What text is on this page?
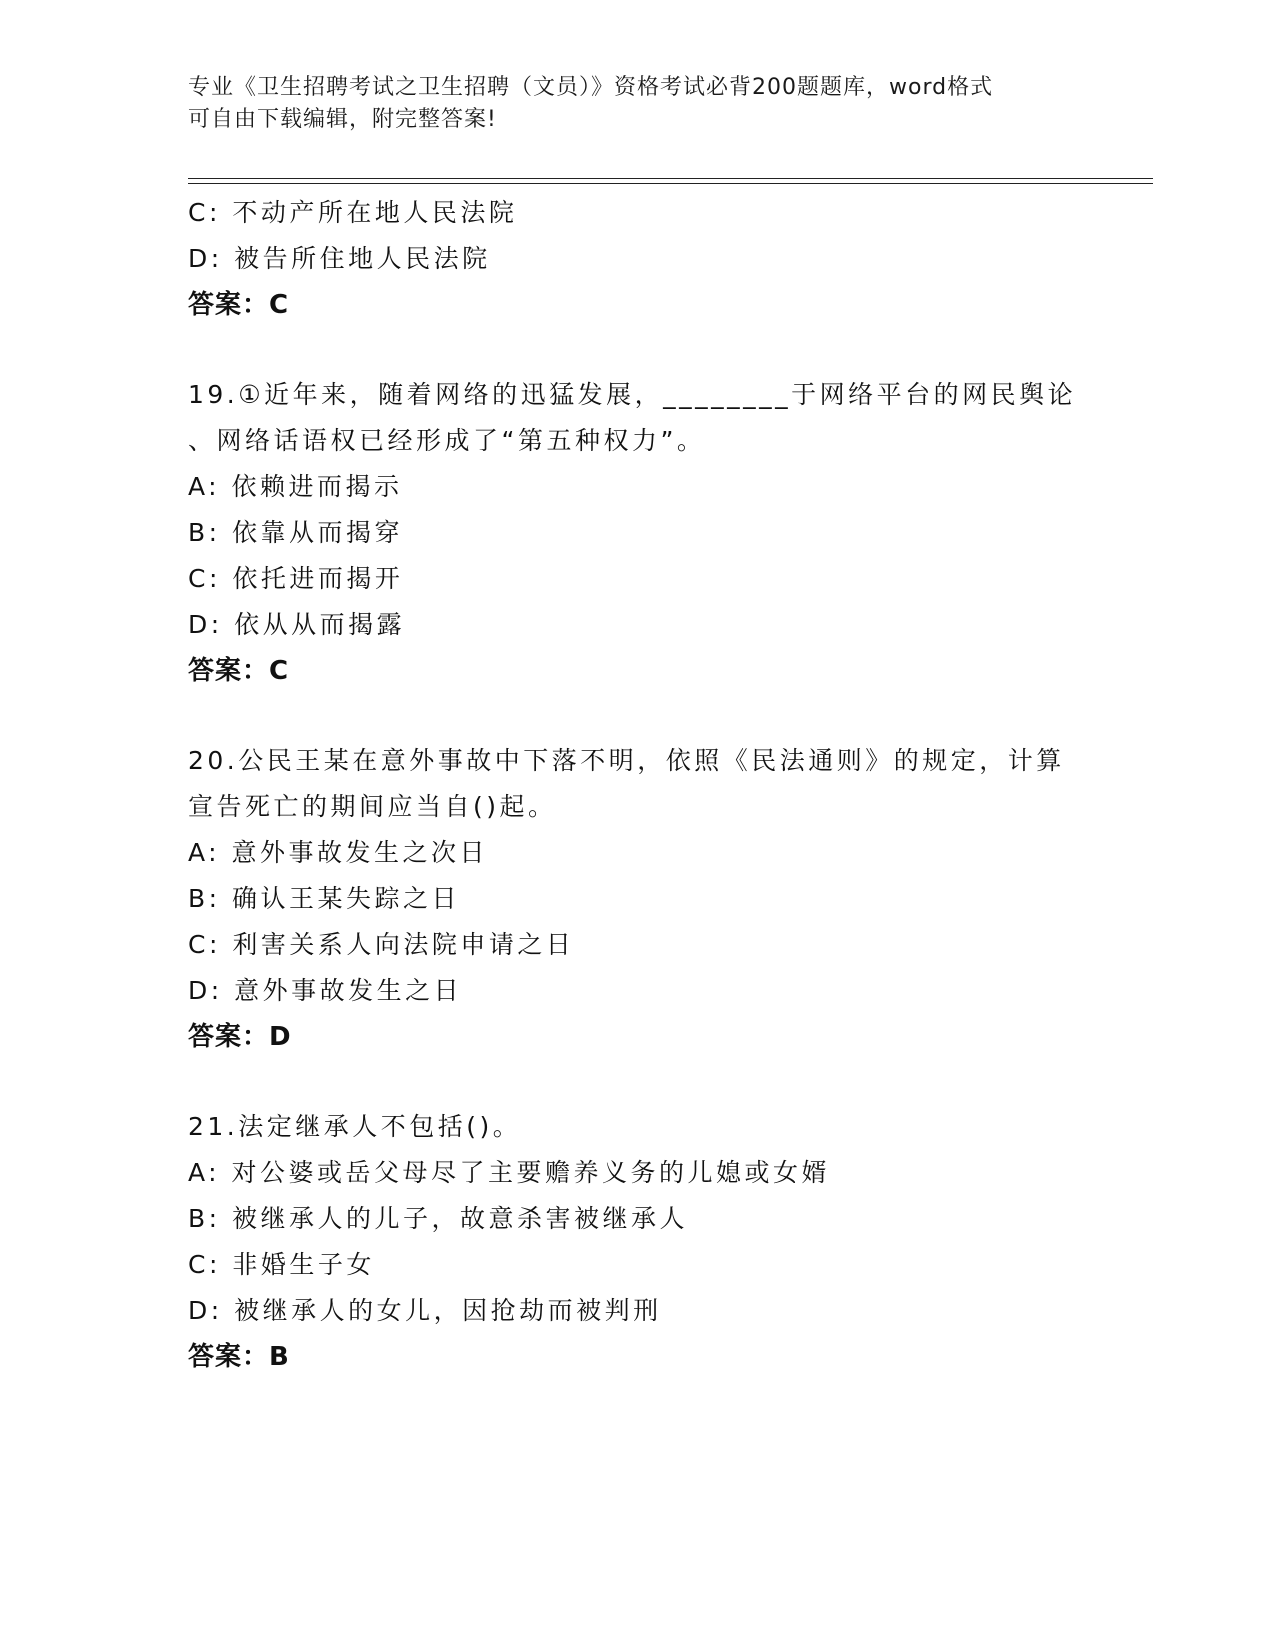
专业《卫生招聘考试之卫生招聘（文员）》资格考试必背200题题库，word格式
可自由下载编辑，附完整答案!
C: 不动产所在地人民法院
D: 被告所住地人民法院
答案：C
19.①近年来，随着网络的迅猛发展，________于网络平台的网民舆论
、网络话语权已经形成了“第五种权力”。
A: 依赖进而揭示
B: 依靠从而揭穿
C: 依托进而揭开
D: 依从从而揭露
答案：C
20.公民王某在意外事故中下落不明，依照《民法通则》的规定，计算
宣告死亡的期间应当自()起。
A: 意外事故发生之次日
B: 确认王某失踪之日
C: 利害关系人向法院申请之日
D: 意外事故发生之日
答案：D
21.法定继承人不包括()。
A: 对公婆或岳父母尽了主要赡养义务的儿媳或女婿
B: 被继承人的儿子，故意杀害被继承人
C: 非婚生子女
D: 被继承人的女儿，因抢劫而被判刑
答案：B
